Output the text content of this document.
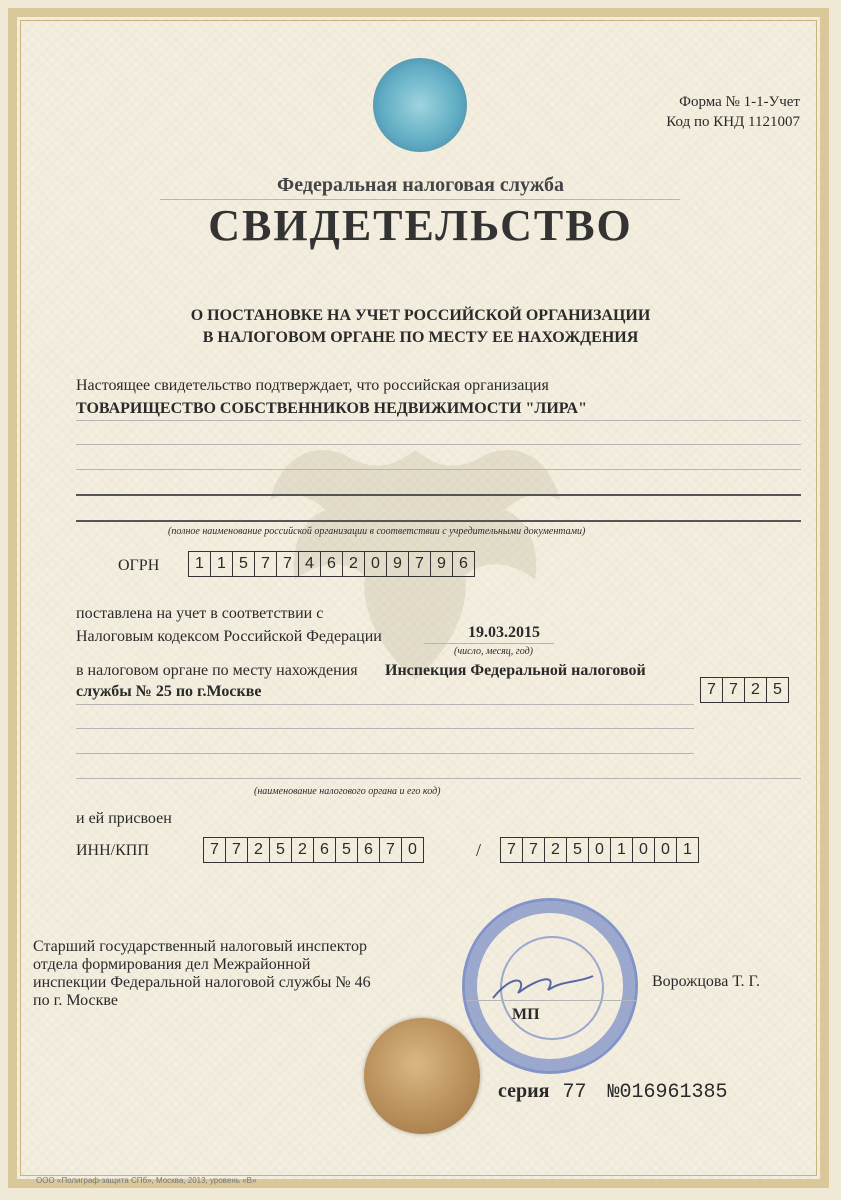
Форма № 1-1-Учет
Код по КНД 1121007
Федеральная налоговая служба
СВИДЕТЕЛЬСТВО
О ПОСТАНОВКЕ НА УЧЕТ РОССИЙСКОЙ ОРГАНИЗАЦИИ
В НАЛОГОВОМ ОРГАНЕ ПО МЕСТУ ЕЕ НАХОЖДЕНИЯ
Настоящее свидетельство подтверждает, что российская организация
ТОВАРИЩЕСТВО СОБСТВЕННИКОВ НЕДВИЖИМОСТИ "ЛИРА"
(полное наименование российской организации в соответствии с учредительными документами)
ОГРН	1 1 5 7 7 4 6 2 0 9 7 9 6
поставлена на учет в соответствии с
Налоговым кодексом Российской Федерации	19.03.2015
(число, месяц, год)
в налоговом органе по месту нахождения Инспекция Федеральной налоговой
службы № 25 по г.Москве	7 7 2 5
(наименование налогового органа и его код)
и ей присвоен
ИНН/КПП	7 7 2 5 2 6 5 6 7 0	/	7 7 2 5 0 1 0 0 1
Старший государственный налоговый инспектор
отдела формирования дел Межрайонной
инспекции Федеральной налоговой службы № 46
по г. Москве
Ворожцова Т. Г.
МП
серия 77 №016961385
ООО «Полиграф-защита СПб», Москва, 2013, уровень «В»
